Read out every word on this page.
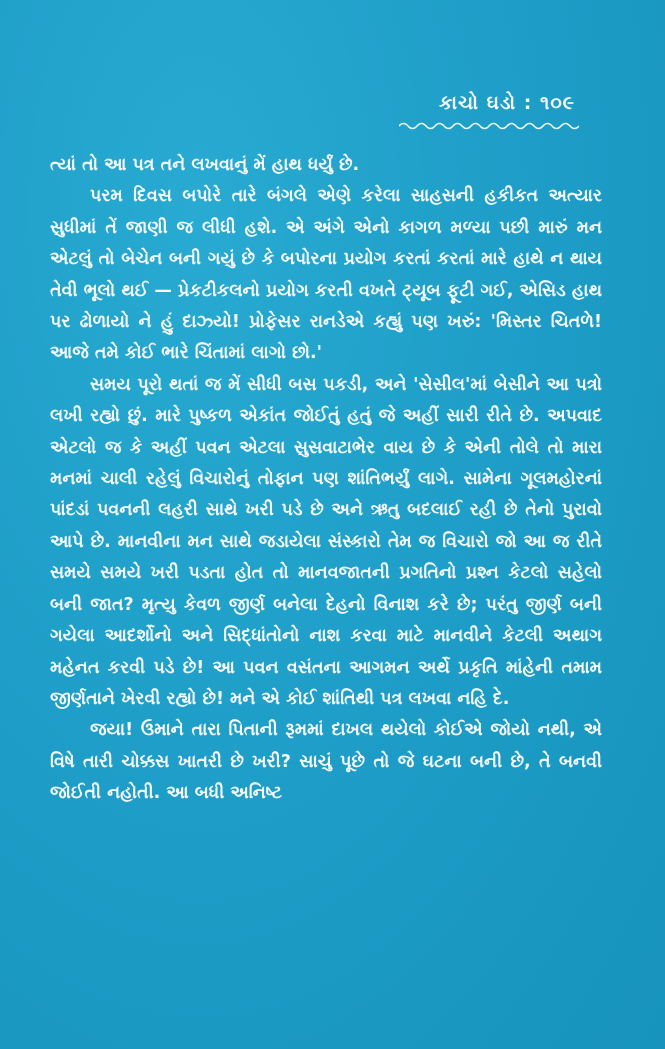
કાચો ઘડો : ૧૦૯

ત્યાં તો આ પત્ર તને લખવાનું મેં હાથ ધર્યું છે.

પરમ દિવસ બપોરે તારે બંગલે એણે કરેલા સાહસની હકીકત અત્યાર સુધીમાં તેં જાણી જ લીધી હશે. એ અંગે એનો કાગળ મળ્યા પછી મારું મન એટલું તો બેચેન બની ગયું છે કે બપોરના પ્રયોગ કરતાં કરતાં મારે હાથે ન થાય તેવી ભૂલો થઈ — પ્રેકટીકલનો પ્રયોગ કરતી વખતે ટ્યૂબ ફૂટી ગઈ, એસિડ હાથ પર ઢોળાયો ને હું દાઝ્યો! પ્રોફેસર રાનડેએ કહ્યું પણ ખરું: 'મિસ્તર ચિતળે! આજે તમે કોઈ ભારે ચિંતામાં લાગો છો.'

સમય પૂરો થતાં જ મેં સીધી બસ પકડી, અને 'સેસીલ'માં બેસીને આ પત્રો લખી રહ્યો છું. મારે પુષ્કળ એકાંત જોઈતું હતું જે અહીં સારી રીતે છે. અપવાદ એટલો જ કે અહીં પવન એટલા સુસવાટાભેર વાય છે કે એની તોલે તો મારા મનમાં ચાલી રહેલું વિચારોનું તોફાન પણ શાંતિભર્યું લાગે. સામેના ગૂલમહોરનાં પાંદડાં પવનની લહરી સાથે ખરી પડે છે અને ઋતુ બદલાઈ રહી છે તેનો પુરાવો આપે છે. માનવીના મન સાથે જડાયેલા સંસ્કારો તેમ જ વિચારો જો આ જ રીતે સમયે સમયે ખરી પડતા હોત તો માનવજાતની પ્રગતિનો પ્રશ્ન કેટલો સહેલો બની જાત? મૃત્યુ કેવળ જીર્ણ બનેલા દેહનો વિનાશ કરે છે; પરંતુ જીર્ણ બની ગયેલા આદર્શોનો અને સિદ્ધાંતોનો નાશ કરવા માટે માનવીને કેટલી અથાગ મહેનત કરવી પડે છે! આ પવન વસંતના આગમન અર્થે પ્રકૃતિ માંહેની તમામ જીર્ણતાને ખેરવી રહ્યો છે! મને એ કોઈ શાંતિથી પત્ર લખવા નહિ દે.

જયા! ઉમાને તારા પિતાની રૂમમાં દાખલ થયેલો કોઈએ જોયો નથી, એ વિષે તારી ચોક્કસ ખાતરી છે ખરી? સાચું પૂછે તો જે ઘટના બની છે, તે બનવી જોઈતી નહોતી. આ બધી અનિષ્ટ
